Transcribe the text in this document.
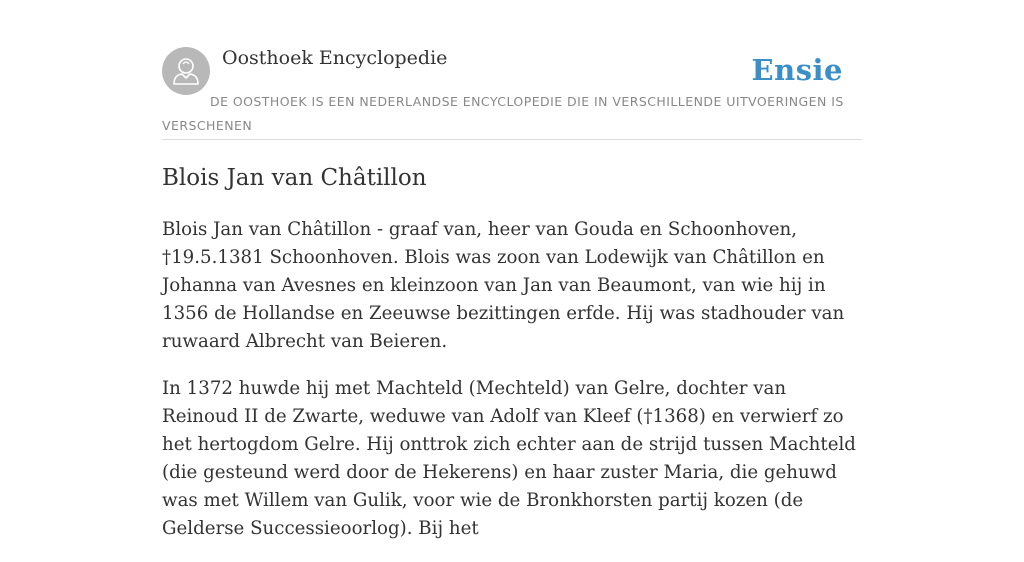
Oosthoek Encyclopedie	Ensie
DE OOSTHOEK IS EEN NEDERLANDSE ENCYCLOPEDIE DIE IN VERSCHILLENDE UITVOERINGEN IS VERSCHENEN
Blois Jan van Châtillon

Blois Jan van Châtillon - graaf van, heer van Gouda en Schoonhoven, †19.5.1381 Schoonhoven. Blois was zoon van Lodewijk van Châtillon en Johanna van Avesnes en kleinzoon van Jan van Beaumont, van wie hij in 1356 de Hollandse en Zeeuwse bezittingen erfde. Hij was stadhouder van ruwaard Albrecht van Beieren.

In 1372 huwde hij met Machteld (Mechteld) van Gelre, dochter van Reinoud II de Zwarte, weduwe van Adolf van Kleef (†1368) en verwierf zo het hertogdom Gelre. Hij onttrok zich echter aan de strijd tussen Machteld (die gesteund werd door de Hekerens) en haar zuster Maria, die gehuwd was met Willem van Gulik, voor wie de Bronkhorsten partij kozen (de Gelderse Successieoorlog). Bij het
